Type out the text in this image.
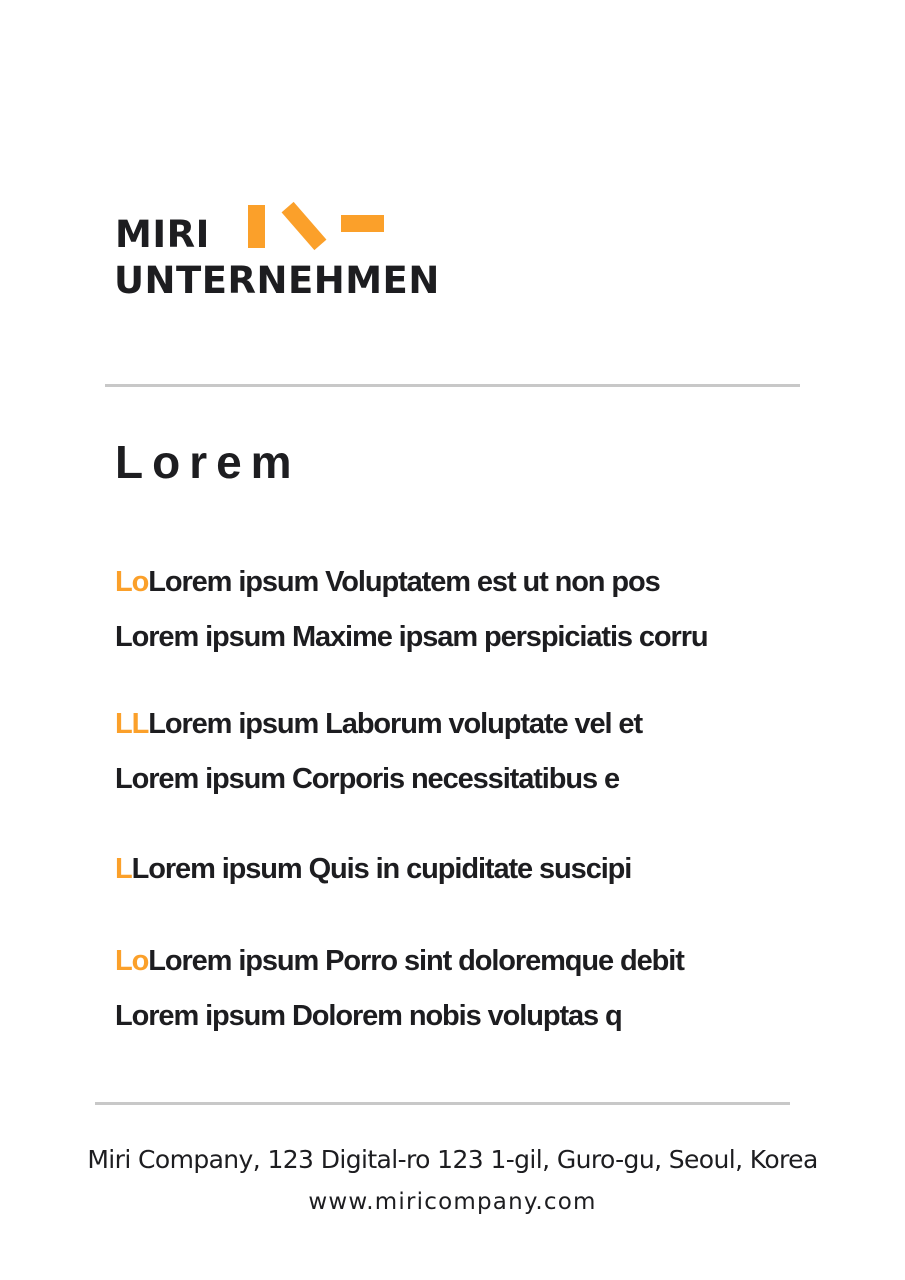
MIRI
UNTERNEHMEN
Lorem
LoLorem ipsum Voluptatem est ut non pos
Lorem ipsum Maxime ipsam perspiciatis corru
LLLorem ipsum Laborum voluptate vel et
Lorem ipsum Corporis necessitatibus e
LLorem ipsum Quis in cupiditate suscipi
LoLorem ipsum Porro sint doloremque debit
Lorem ipsum Dolorem nobis voluptas q
Miri Company, 123 Digital-ro 123 1-gil, Guro-gu, Seoul, Korea
www.miricompany.com
